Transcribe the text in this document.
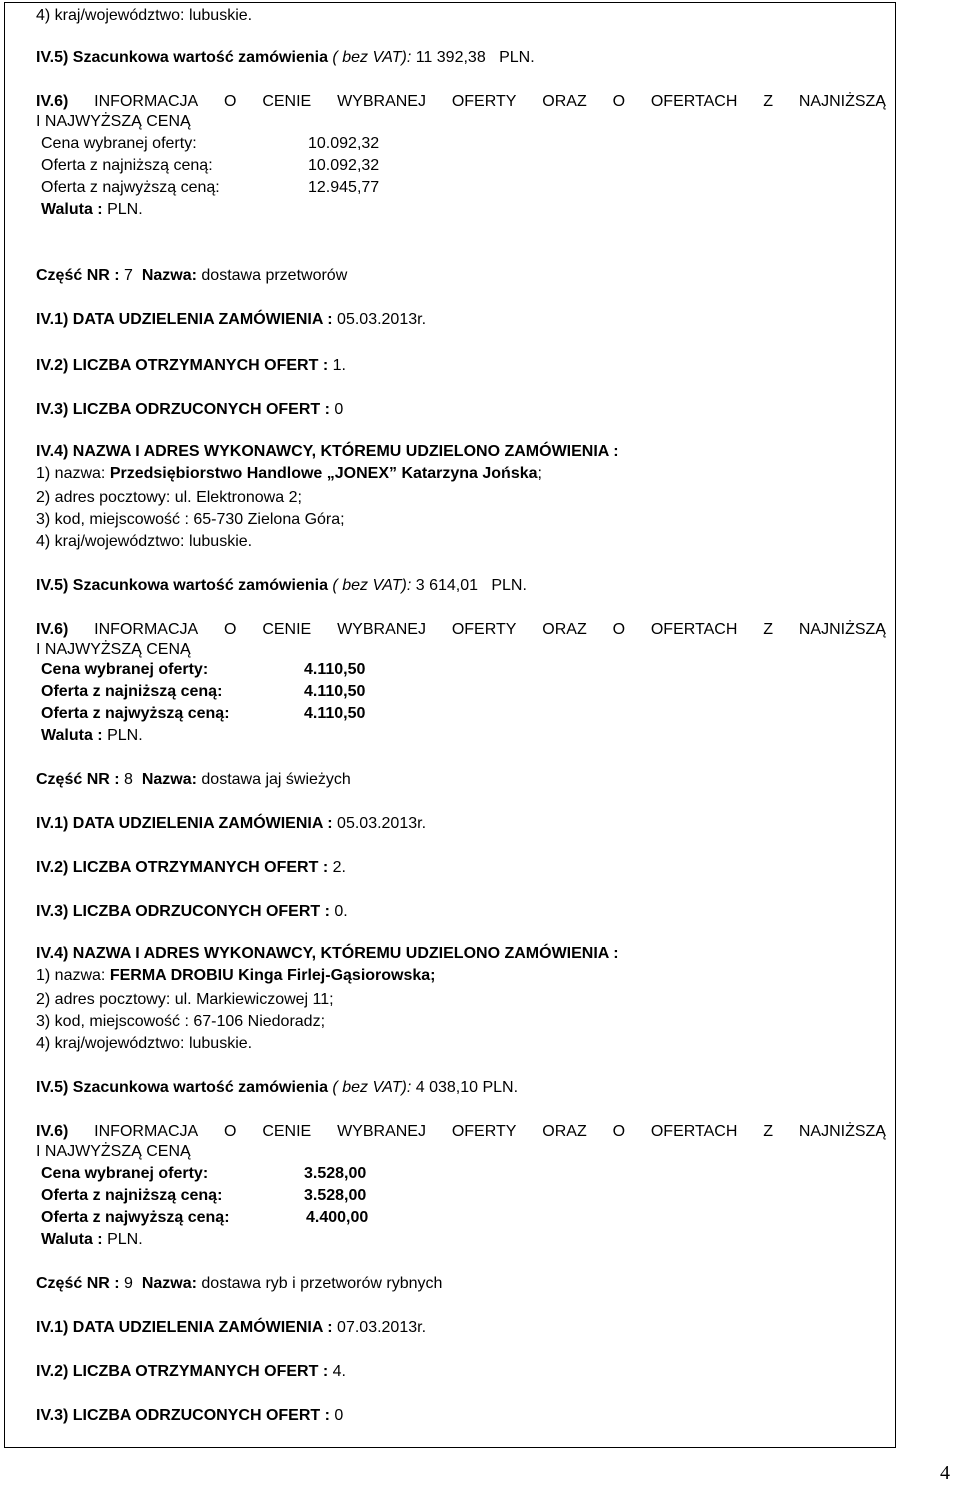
4) kraj/województwo: lubuskie.
IV.5) Szacunkowa wartość zamówienia ( bez VAT): 11 392,38 PLN.
IV.6) INFORMACJA O CENIE WYBRANEJ OFERTY ORAZ O OFERTACH Z NAJNIŻSZĄ
I NAJWYŻSZĄ CENĄ
Cena wybranej oferty:	10.092,32
Oferta z najniższą ceną:	10.092,32
Oferta z najwyższą ceną:	12.945,77
Waluta : PLN.
Część NR : 7 Nazwa: dostawa przetworów
IV.1) DATA UDZIELENIA ZAMÓWIENIA : 05.03.2013r.
IV.2) LICZBA OTRZYMANYCH OFERT : 1.
IV.3) LICZBA ODRZUCONYCH OFERT : 0
IV.4) NAZWA I ADRES WYKONAWCY, KTÓREMU UDZIELONO ZAMÓWIENIA :
1) nazwa: Przedsiębiorstwo Handlowe „JONEX” Katarzyna Jońska;
2) adres pocztowy: ul. Elektronowa 2;
3) kod, miejscowość : 65-730 Zielona Góra;
4) kraj/województwo: lubuskie.
IV.5) Szacunkowa wartość zamówienia ( bez VAT): 3 614,01 PLN.
IV.6) INFORMACJA O CENIE WYBRANEJ OFERTY ORAZ O OFERTACH Z NAJNIŻSZĄ
I NAJWYŻSZĄ CENĄ
Cena wybranej oferty:	4.110,50
Oferta z najniższą ceną:	4.110,50
Oferta z najwyższą ceną:	4.110,50
Waluta : PLN.
Część NR : 8 Nazwa: dostawa jaj świeżych
IV.1) DATA UDZIELENIA ZAMÓWIENIA : 05.03.2013r.
IV.2) LICZBA OTRZYMANYCH OFERT : 2.
IV.3) LICZBA ODRZUCONYCH OFERT : 0.
IV.4) NAZWA I ADRES WYKONAWCY, KTÓREMU UDZIELONO ZAMÓWIENIA :
1) nazwa: FERMA DROBIU Kinga Firlej-Gąsiorowska;
2) adres pocztowy: ul. Markiewiczowej 11;
3) kod, miejscowość : 67-106 Niedoradz;
4) kraj/województwo: lubuskie.
IV.5) Szacunkowa wartość zamówienia ( bez VAT): 4 038,10 PLN.
IV.6) INFORMACJA O CENIE WYBRANEJ OFERTY ORAZ O OFERTACH Z NAJNIŻSZĄ
I NAJWYŻSZĄ CENĄ
Cena wybranej oferty:	3.528,00
Oferta z najniższą ceną:	3.528,00
Oferta z najwyższą ceną:	4.400,00
Waluta : PLN.
Część NR : 9 Nazwa: dostawa ryb i przetworów rybnych
IV.1) DATA UDZIELENIA ZAMÓWIENIA : 07.03.2013r.
IV.2) LICZBA OTRZYMANYCH OFERT : 4.
IV.3) LICZBA ODRZUCONYCH OFERT : 0
4
